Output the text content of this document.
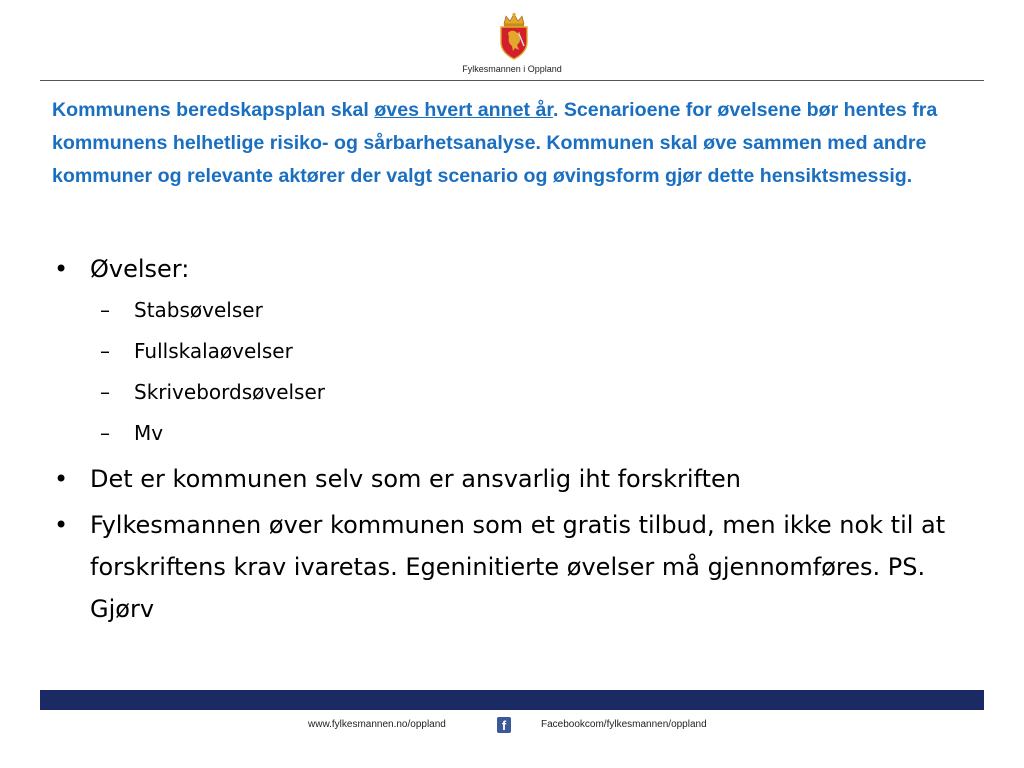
Fylkesmannen i Oppland
Kommunens beredskapsplan skal øves hvert annet år. Scenarioene for øvelsene bør hentes fra kommunens helhetlige risiko- og sårbarhetsanalyse. Kommunen skal øve sammen med andre kommuner og relevante aktører der valgt scenario og øvingsform gjør dette hensiktsmessig.
• Øvelser:
– Stabsøvelser
– Fullskalaøvelser
– Skrivebordsøvelser
– Mv
• Det er kommunen selv som er ansvarlig iht forskriften
• Fylkesmannen øver kommunen som et gratis tilbud, men ikke nok til at forskriftens krav ivaretas. Egeninitierte øvelser må gjennomføres. PS. Gjørv
www.fylkesmannen.no/oppland	f	Facebookcom/fylkesmannen/oppland
